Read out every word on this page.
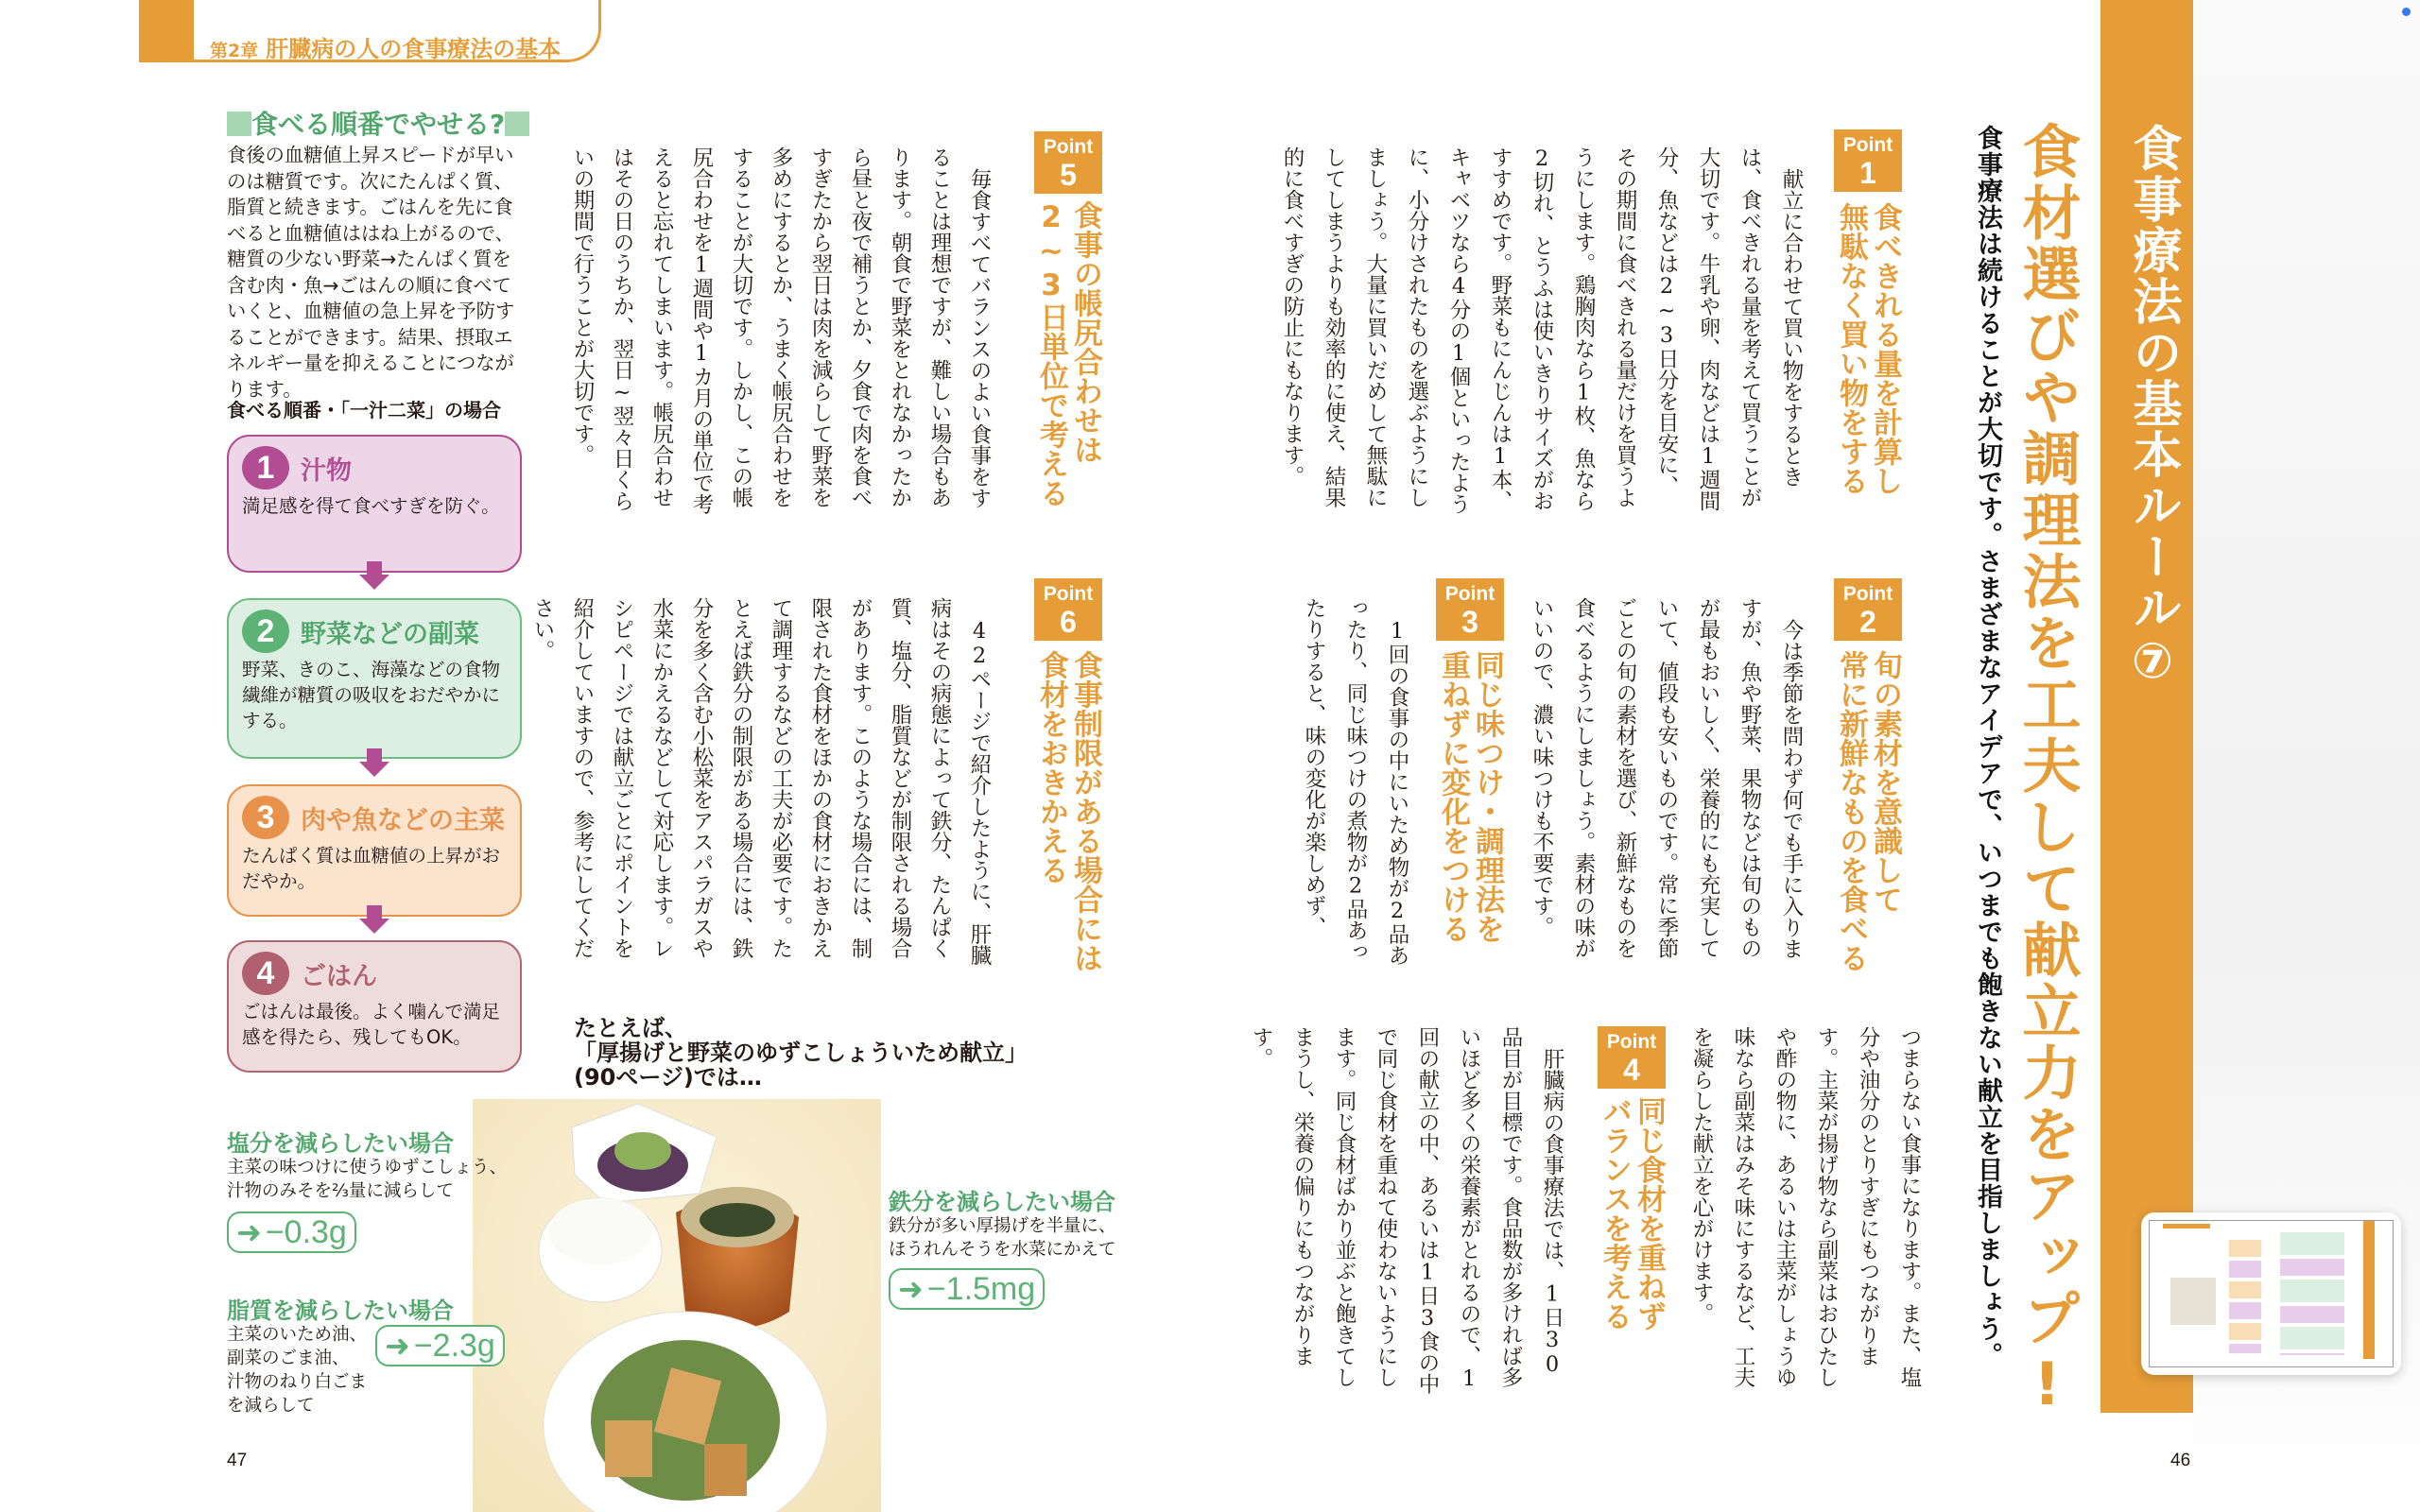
第2章 肝臓病の人の食事療法の基本
食事療法の基本ルール⑦
食材選びや調理法を工夫して献立力をアップ!
食事療法は続けることが大切です。さまざまなアイデアで、いつまでも飽きない献立を目指しましょう。
Point
1
食べきれる量を計算し
無駄なく買い物をする
献立に合わせて買い物をするときは、食べきれる量を考えて買うことが大切です。牛乳や卵、肉などは1週間分、魚などは2~3日分を目安に、その期間に食べきれる量だけを買うようにします。鶏胸肉なら1枚、魚なら2切れ、とうふは使いきりサイズがおすすめです。野菜もにんじんは1本、キャベツなら4分の1個といったように、小分けされたものを選ぶようにしましょう。大量に買いだめして無駄にしてしまうよりも効率的に使え、結果的に食べすぎの防止にもなります。
Point
2
旬の素材を意識して
常に新鮮なものを食べる
今は季節を問わず何でも手に入りますが、魚や野菜、果物などは旬のものが最もおいしく、栄養的にも充実していて、値段も安いものです。常に季節ごとの旬の素材を選び、新鮮なものを食べるようにしましょう。素材の味がいいので、濃い味つけも不要です。
Point
3
同じ味つけ・調理法を
重ねずに変化をつける
1回の食事の中にいため物が2品あったり、同じ味つけの煮物が2品あったりすると、味の変化が楽しめず、
つまらない食事になります。また、塩分や油分のとりすぎにもつながります。主菜が揚げ物なら副菜はおひたしや酢の物に、あるいは主菜がしょうゆ味なら副菜はみそ味にするなど、工夫を凝らした献立を心がけます。
Point
4
同じ食材を重ねず
バランスを考える
肝臓病の食事療法では、1日30品目が目標です。食品数が多ければ多いほど多くの栄養素がとれるので、1回の献立の中、あるいは1日3食の中で同じ食材を重ねて使わないようにします。同じ食材ばかり並ぶと飽きてしまうし、栄養の偏りにもつながります。
Point
5
食事の帳尻合わせは
2~3日単位で考える
毎食すべてバランスのよい食事をすることは理想ですが、難しい場合もあります。朝食で野菜をとれなかったから昼と夜で補うとか、夕食で肉を食べすぎたから翌日は肉を減らして野菜を多めにするとか、うまく帳尻合わせをすることが大切です。しかし、この帳尻合わせを1週間や1カ月の単位で考えると忘れてしまいます。帳尻合わせはその日のうちか、翌日~翌々日くらいの期間で行うことが大切です。
Point
6
食事制限がある場合には
食材をおきかえる
42ページで紹介したように、肝臓病はその病態によって鉄分、たんぱく質、塩分、脂質などが制限される場合があります。このような場合には、制限された食材をほかの食材におきかえて調理するなどの工夫が必要です。たとえば鉄分の制限がある場合には、鉄分を多く含む小松菜をアスパラガスや水菜にかえるなどして対応します。レシピページでは献立ごとにポイントを紹介していますので、参考にしてください。
食べる順番でやせる?
食後の血糖値上昇スピードが早いのは糖質です。次にたんぱく質、脂質と続きます。ごはんを先に食べると血糖値ははね上がるので、糖質の少ない野菜→たんぱく質を含む肉・魚→ごはんの順に食べていくと、血糖値の急上昇を予防することができます。結果、摂取エネルギー量を抑えることにつながります。
食べる順番・「一汁二菜」の場合
1	汁物
満足感を得て食べすぎを防ぐ。
2	野菜などの副菜
野菜、きのこ、海藻などの食物繊維が糖質の吸収をおだやかにする。
3	肉や魚などの主菜
たんぱく質は血糖値の上昇がおだやか。
4	ごはん
ごはんは最後。よく噛んで満足感を得たら、残してもOK。	たとえば、
「厚揚げと野菜のゆずこしょういため献立」
(90ページ)では…
塩分を減らしたい場合
主菜の味つけに使うゆずこしょう、
汁物のみそを⅔量に減らして
➜ −0.3g
脂質を減らしたい場合
主菜のいため油、
副菜のごま油、
汁物のねり白ごま
を減らして
➜ −2.3g
鉄分を減らしたい場合
鉄分が多い厚揚げを半量に、
ほうれんそうを水菜にかえて
➜ −1.5mg
47	46
